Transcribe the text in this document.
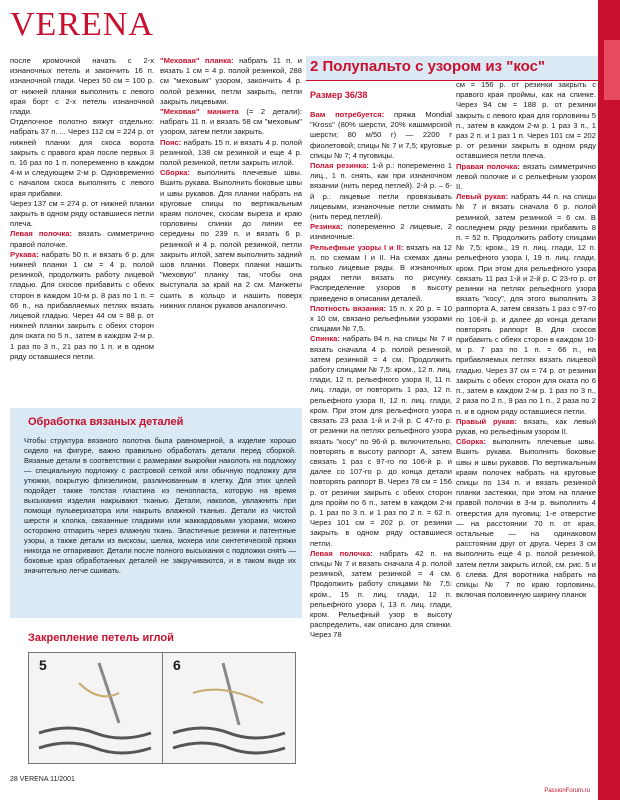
VERENA

после кромочной начать с 2-х изнаночных петель и закончить 16 п. изнаночной глади. Через 50 см = 100 р. от нижней планки выполнить с левого края борт с 2-х петель изнаночной глади.

Отделочное полотно вяжут отдельно: набрать 37 п. ... Через 112 см = 224 р. от нижней планки для скоса ворота закрыть с правого края после первых 3 п. 16 раз по 1 п. попеременно в каждом 4-м и следующем 2-м р. Одновременно с началом скоса выполнить с левого края прибавки.

Через 137 см = 274 р. от нижней планки закрыть в одном ряду оставшиеся петли плеча.

Левая полочка: вязать симметрично правой полочке.

Рукава: набрать 50 п. и вязать 6 р. для нижней планки 1 см = 4 р. полой резинкой, продолжить работу лицевой гладью. Для скосов прибавить с обеих сторон в каждом 10-м р. 8 раз по 1 п. = 66 п., на прибавляемых петлях вязать лицевой гладью. Через 44 см = 88 р. от нижней планки закрыть с обеих сторон для оката по 5 п., затем в каждом 2-м р. 1 раз по 3 п., 21 раз по 1 п. и в одном ряду оставшиеся петли.

"Меховая" планка: набрать 11 п. и вязать 1 см = 4 р. полой резинкой, 288 см "меховым" узором, закончить 4 р. полой резинки, петли закрыть, петли закрыть лицевыми.

"Меховая" манжета (= 2 детали): набрать 11 п. и вязать 58 см "меховым" узором, затем петли закрыть.

Пояс: набрать 15 п. и вязать 4 р. полой резинкой, 138 см резинкой и еще 4 р. полой резинкой, петли закрыть иглой.

Сборка: выполнить плечевые швы. Вшить рукава. Выполнить боковые швы и швы рукавов. Для планки набрать на круговые спицы по вертикальным краям полочек, скосам выреза и краю горловины спинки до линии ее середины по 239 п. и вязать 6 р. резинкой и 4 р. полой резинкой, петли закрыть иглой, затем выполнить задний шов планки. Поверх планки нашить "меховую" планку так, чтобы она выступала за край на 2 см. Манжеты сшить в кольцо и нашить поверх нижних планок рукавов аналогично.

Обработка вязаных деталей
Чтобы структура вязаного полотна была равномерной, а изделие хорошо сидело на фигуре, важно правильно обработать детали перед сборкой. Вязаные детали в соответствии с размерами выкройки наколоть на подложку — специальную подложку с растровой сеткой или обычную подложку для утюжки, покрытую флизелином, разлинованным в клетку. Для этих целей подойдет также толстая пластина из пенопласта, которую на время высыхания изделия накрывают тканью. Детали, наколов, увлажнить при помощи пульверизатора или накрыть влажной тканью. Детали из чистой шерсти и хлопка, связанные гладкими или жаккардовыми узорами, можно осторожно отпарить через влажную ткань. Эластичные резинки и патентные узоры, а также детали из вискозы, шелка, мохера или синтетической пряжи никогда не отпаривают. Детали после полного высыхания с подложки снять — боковые края обработанных деталей не закручиваются, и в таком виде их значительно легче сшивать.
Закрепление петель иглой
5	6
2 Полупальто с узором из "кос"
Размер 36/38

Вам потребуется: пряжа Mondial "Kross" (80% шерсти, 20% кашмирской шерсти; 80 м/50 г) — 2200 г фиолетовой; спицы № 7 и 7,5; круговые спицы № 7; 4 пуговицы.

Полая резинка: 1-й р.: попеременно 1 лиц., 1 п. снять, как при изнаночном вязании (нить перед петлей). 2-й р. – 6-й р.: лицевые петли провязывать лицевыми, изнаночные петли снимать (нить перед петлей).

Резинка: попеременно 2 лицевые, 2 изнаночные.

Рельефные узоры I и II: вязать на 12 п. по схемам I и II. На схемах даны только лицевые ряды. В изнаночных рядах петли вязать по рисунку. Распределение узоров в высоту приведено в описании деталей.

Плотность вязания: 15 п. х 20 р. = 10 х 10 см, связано рельефными узорами спицами № 7,5.

Спинка: набрать 84 п. на спицы № 7 и вязать сначала 4 р. полой резинкой, затем резинкой = 4 см. Продолжить работу спицами № 7,5: кром., 12 п. лиц. глади, 12 п. рельефного узора II, 11 п. лиц. глади, от повторить 1 раз, 12 п. рельефного узора II, 12 п. лиц. глади, кром. При этом для рельефного узора связать 23 раза 1-й и 2-й р. С 47-го р. от резинки на петлях рельефного узора вязать "косу" по 96-й р. включительно, повторять в высоту раппорт А, затем связать 1 раз с 97-го по 106-й р. и далее со 107-го р. до конца детали повторять раппорт В. Через 78 см = 156 р. от резинки закрыть с обеих сторон для пройм по 6 п., затем в каждом 2-м р. 1 раз по 3 п. и 1 раз по 2 п. = 62 п. Через 101 см = 202 р. от резинки закрыть в одном ряду оставшиеся петли.

Левая полочка: набрать 42 п. на спицы № 7 и вязать сначала 4 р. полой резинкой, затем резинкой = 4 см. Продолжить работу спицами № 7,5: кром., 15 п. лиц. глади, 12 п. рельефного узора I, 13 п. лиц. глади, кром. Рельефный узор в высоту распределить, как описано для спинки. Через 78

см = 156 р. от резинки закрыть с правого края проймы, как на спинке. Через 94 см = 188 р. от резинки закрыть с левого края для горловины 5 п., затем в каждом 2-м р. 1 раз 3 п., 1 раз 2 п. и 1 раз 1 п. Через 101 см = 202 р. от резинки закрыть в одном ряду оставшиеся петли плеча.

Правая полочка: вязать симметрично левой полочке и с рельефным узором II.

Левый рукав: набрать 44 п. на спицы № 7 и вязать сначала 6 р. полой резинкой, затем резинкой = 6 см. В последнем ряду резинки прибавить 8 п. = 52 п. Продолжить работу спицами № 7,5: кром., 19 п. лиц. глади, 12 п. рельефного узора I, 19 п. лиц. глади, кром. При этом для рельефного узора связать 11 раз 1-й и 2-й р. С 23-го р. от резинки на петлях рельефного узора вязать "косу", для этого выполнить 3 раппорта А, затем связать 1 раз с 97-го по 106-й р. и далее до конца детали повторять раппорт В. Для скосов прибавить с обеих сторон в каждом 10-м р. 7 раз по 1 п. = 66 п., на прибавляемых петлях вязать лицевой гладью. Через 37 см = 74 р. от резинки закрыть с обеих сторон для оката по 6 п., затем в каждом 2-м р. 1 раз по 3 п., 2 раза по 2 п., 9 раз по 1 п., 2 раза по 2 п. и в одном ряду оставшиеся петли.

Правый рукав: вязать, как левый рукав, но рельефным узором II.

Сборка: выполнить плечевые швы. Вшить рукава. Выполнить боковые швы и швы рукавов. По вертикальным краям полочек набрать на круговые спицы по 134 п. и вязать резинкой планки застежки, при этом на планке правой полочки в 3-м р. выполнить 4 отверстия для пуговиц: 1-е отверстие — на расстоянии 70 п. от края, остальные — на одинаковом расстоянии друг от друга. Через 3 см выполнить еще 4 р. полой резинкой, затем петли закрыть иглой, см. рис. 5 и 6 слева. Для воротника набрать на спицы № 7 по краю горловины, включая половинную ширину планок

28 VERENA 11/2001
PassionForum.ru
